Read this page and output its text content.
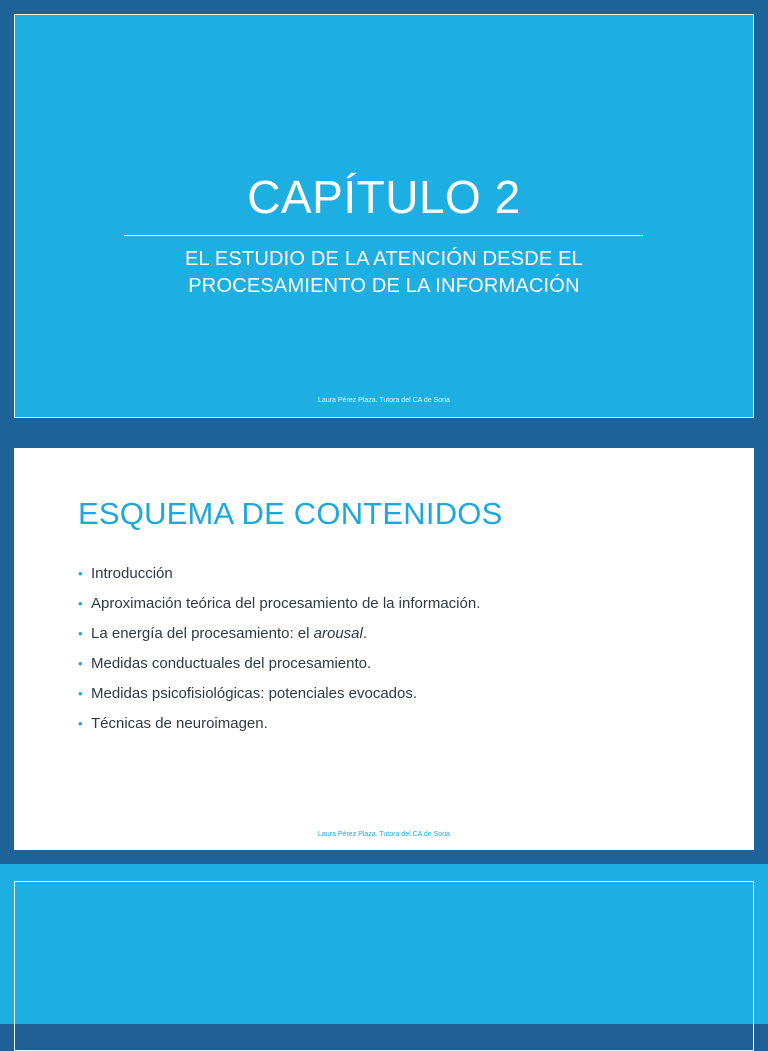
CAPÍTULO 2
EL ESTUDIO DE LA ATENCIÓN DESDE EL
PROCESAMIENTO DE LA INFORMACIÓN
Laura Pérez Plaza. Tutora del CA de Soria
ESQUEMA DE CONTENIDOS
• Introducción
• Aproximación teórica del procesamiento de la información.
• La energía del procesamiento: el arousal.
• Medidas conductuales del procesamiento.
• Medidas psicofisiológicas: potenciales evocados.
• Técnicas de neuroimagen.
Laura Pérez Plaza. Tutora del CA de Soria
